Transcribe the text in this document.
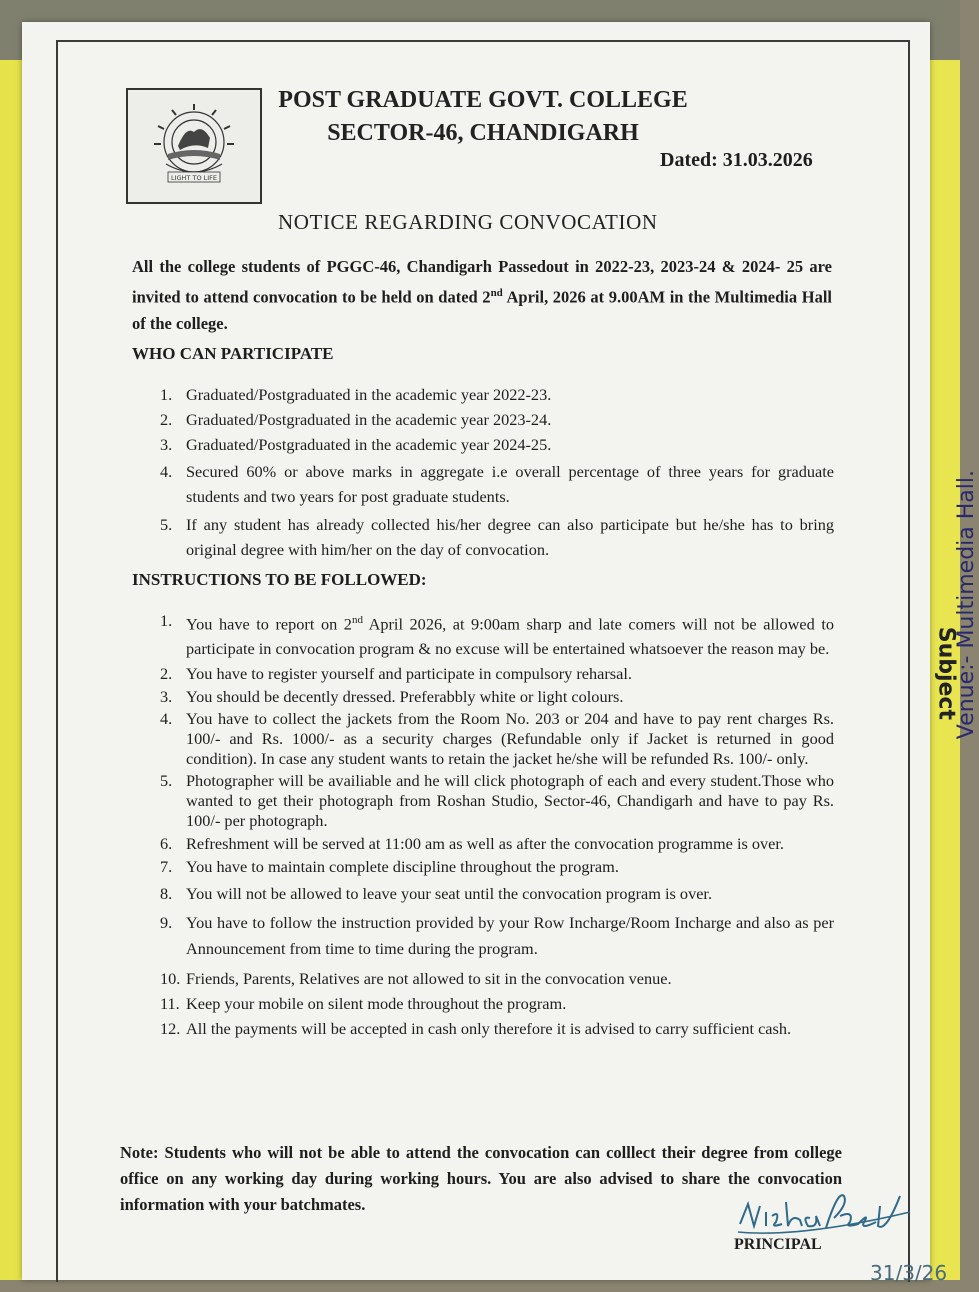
Venue:- Multimedia Hall.
Subject
LIGHT TO LIFE
POST GRADUATE GOVT. COLLEGE
SECTOR-46, CHANDIGARH
Dated: 31.03.2026
NOTICE REGARDING CONVOCATION
All the college students of PGGC-46, Chandigarh Passedout in 2022-23, 2023-24 & 2024- 25 are invited to attend convocation to be held on dated 2nd April, 2026 at 9.00AM in the Multimedia Hall of the college.
WHO CAN PARTICIPATE
1. Graduated/Postgraduated in the academic year 2022-23.
2. Graduated/Postgraduated in the academic year 2023-24.
3. Graduated/Postgraduated in the academic year 2024-25.
4. Secured 60% or above marks in aggregate i.e overall percentage of three years for graduate students and two years for post graduate students.
5. If any student has already collected his/her degree can also participate but he/she has to bring original degree with him/her on the day of convocation.
INSTRUCTIONS TO BE FOLLOWED:
1. You have to report on 2nd April 2026, at 9:00am sharp and late comers will not be allowed to participate in convocation program & no excuse will be entertained whatsoever the reason may be.
2. You have to register yourself and participate in compulsory reharsal.
3. You should be decently dressed. Preferabbly white or light colours.
4. You have to collect the jackets from the Room No. 203 or 204 and have to pay rent charges Rs. 100/- and Rs. 1000/- as a security charges (Refundable only if Jacket is returned in good condition). In case any student wants to retain the jacket he/she will be refunded Rs. 100/- only.
5. Photographer will be availiable and he will click photograph of each and every student.Those who wanted to get their photograph from Roshan Studio, Sector-46, Chandigarh and have to pay Rs. 100/- per photograph.
6. Refreshment will be served at 11:00 am as well as after the convocation programme is over.
7. You have to maintain complete discipline throughout the program.
8. You will not be allowed to leave your seat until the convocation program is over.
9. You have to follow the instruction provided by your Row Incharge/Room Incharge and also as per Announcement from time to time during the program.
10. Friends, Parents, Relatives are not allowed to sit in the convocation venue.
11. Keep your mobile on silent mode throughout the program.
12. All the payments will be accepted in cash only therefore it is advised to carry sufficient cash.
Note: Students who will not be able to attend the convocation can colllect their degree from college office on any working day during working hours. You are also advised to share the convocation information with your batchmates.
31/3/26
PRINCIPAL
